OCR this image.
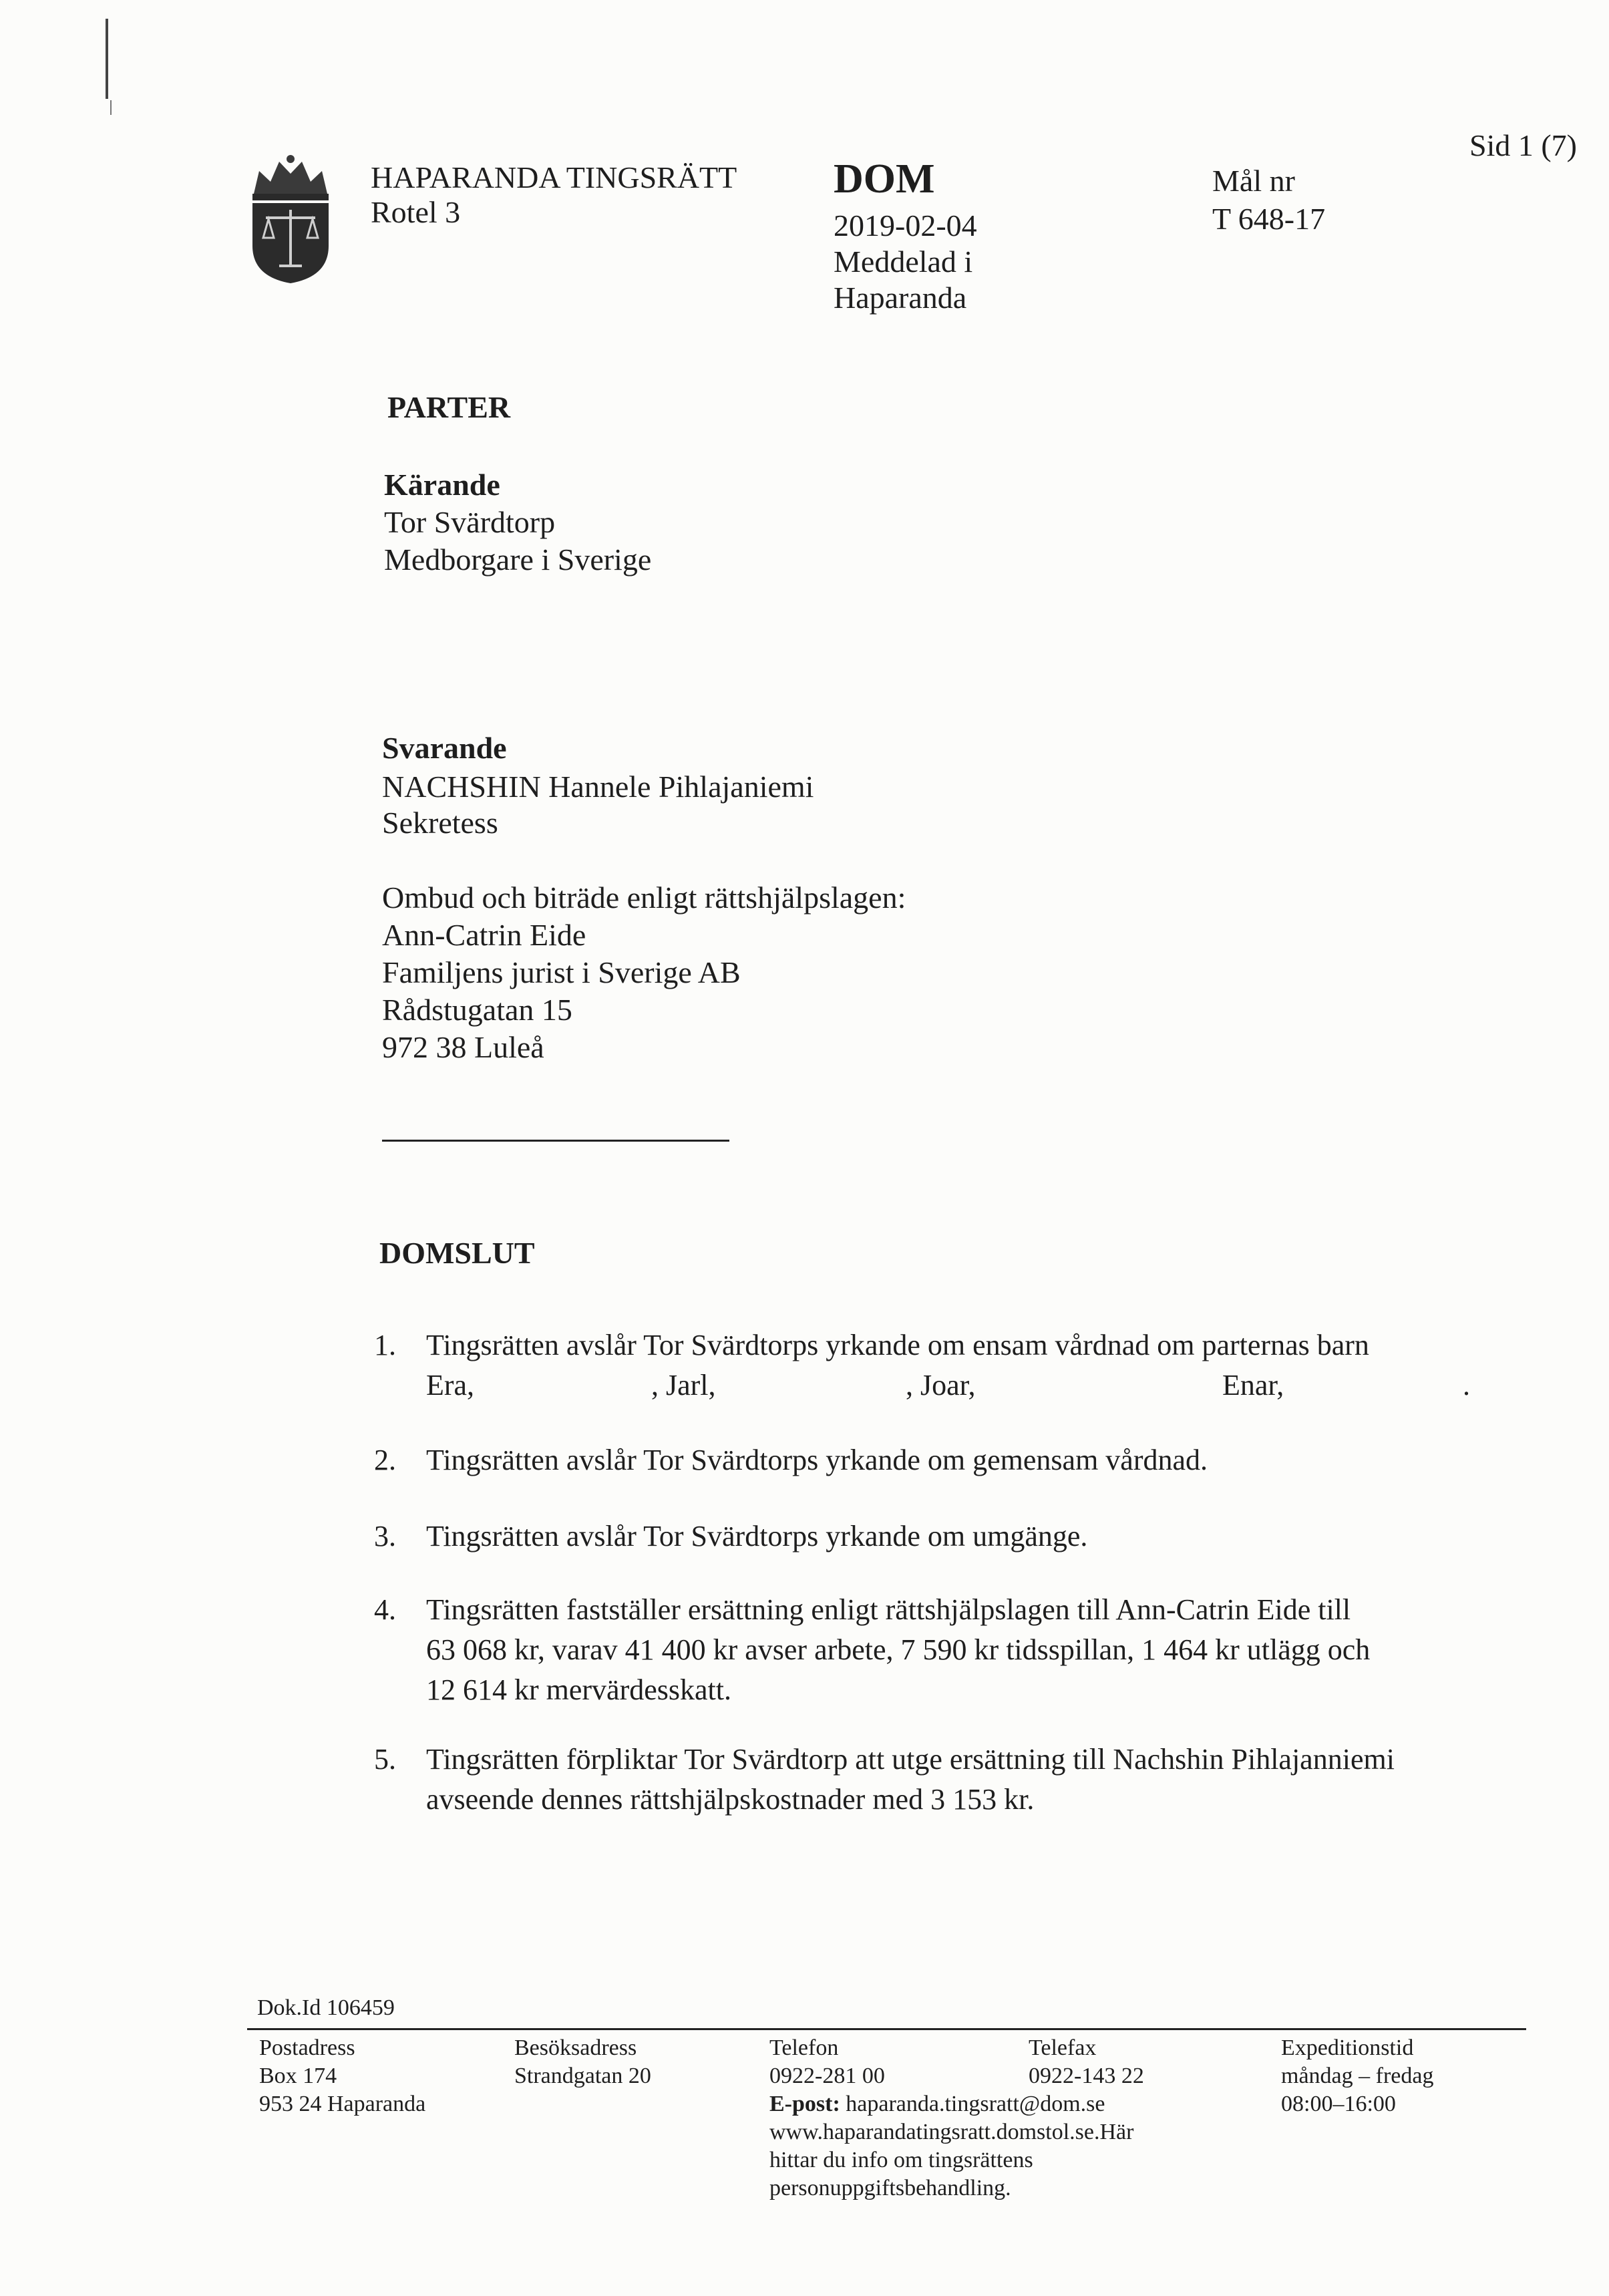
HAPARANDA TINGSRÄTT
Rotel 3
DOM
2019-02-04
Meddelad i
Haparanda
Mål nr
T 648-17
Sid 1 (7)
PARTER
Kärande
Tor Svärdtorp
Medborgare i Sverige
Svarande
NACHSHIN Hannele Pihlajaniemi
Sekretess
Ombud och biträde enligt rättshjälpslagen:
Ann-Catrin Eide
Familjens jurist i Sverige AB
Rådstugatan 15
972 38 Luleå
DOMSLUT
1.	Tingsrätten avslår Tor Svärdtorps yrkande om ensam vårdnad om parternas barn
Era,	, Jarl,	, Joar,	Enar,	.
2.	Tingsrätten avslår Tor Svärdtorps yrkande om gemensam vårdnad.
3.	Tingsrätten avslår Tor Svärdtorps yrkande om umgänge.
4.	Tingsrätten fastställer ersättning enligt rättshjälpslagen till Ann-Catrin Eide till
63 068 kr, varav 41 400 kr avser arbete, 7 590 kr tidsspillan, 1 464 kr utlägg och
12 614 kr mervärdesskatt.
5.	Tingsrätten förpliktar Tor Svärdtorp att utge ersättning till Nachshin Pihlajanniemi
avseende dennes rättshjälpskostnader med 3 153 kr.
Dok.Id 106459
Postadress
Box 174
953 24 Haparanda
Besöksadress
Strandgatan 20
Telefon
0922-281 00
Telefax
0922-143 22
E-post: haparanda.tingsratt@dom.se
www.haparandatingsratt.domstol.se.Här
hittar du info om tingsrättens
personuppgiftsbehandling.
Expeditionstid
måndag – fredag
08:00–16:00
